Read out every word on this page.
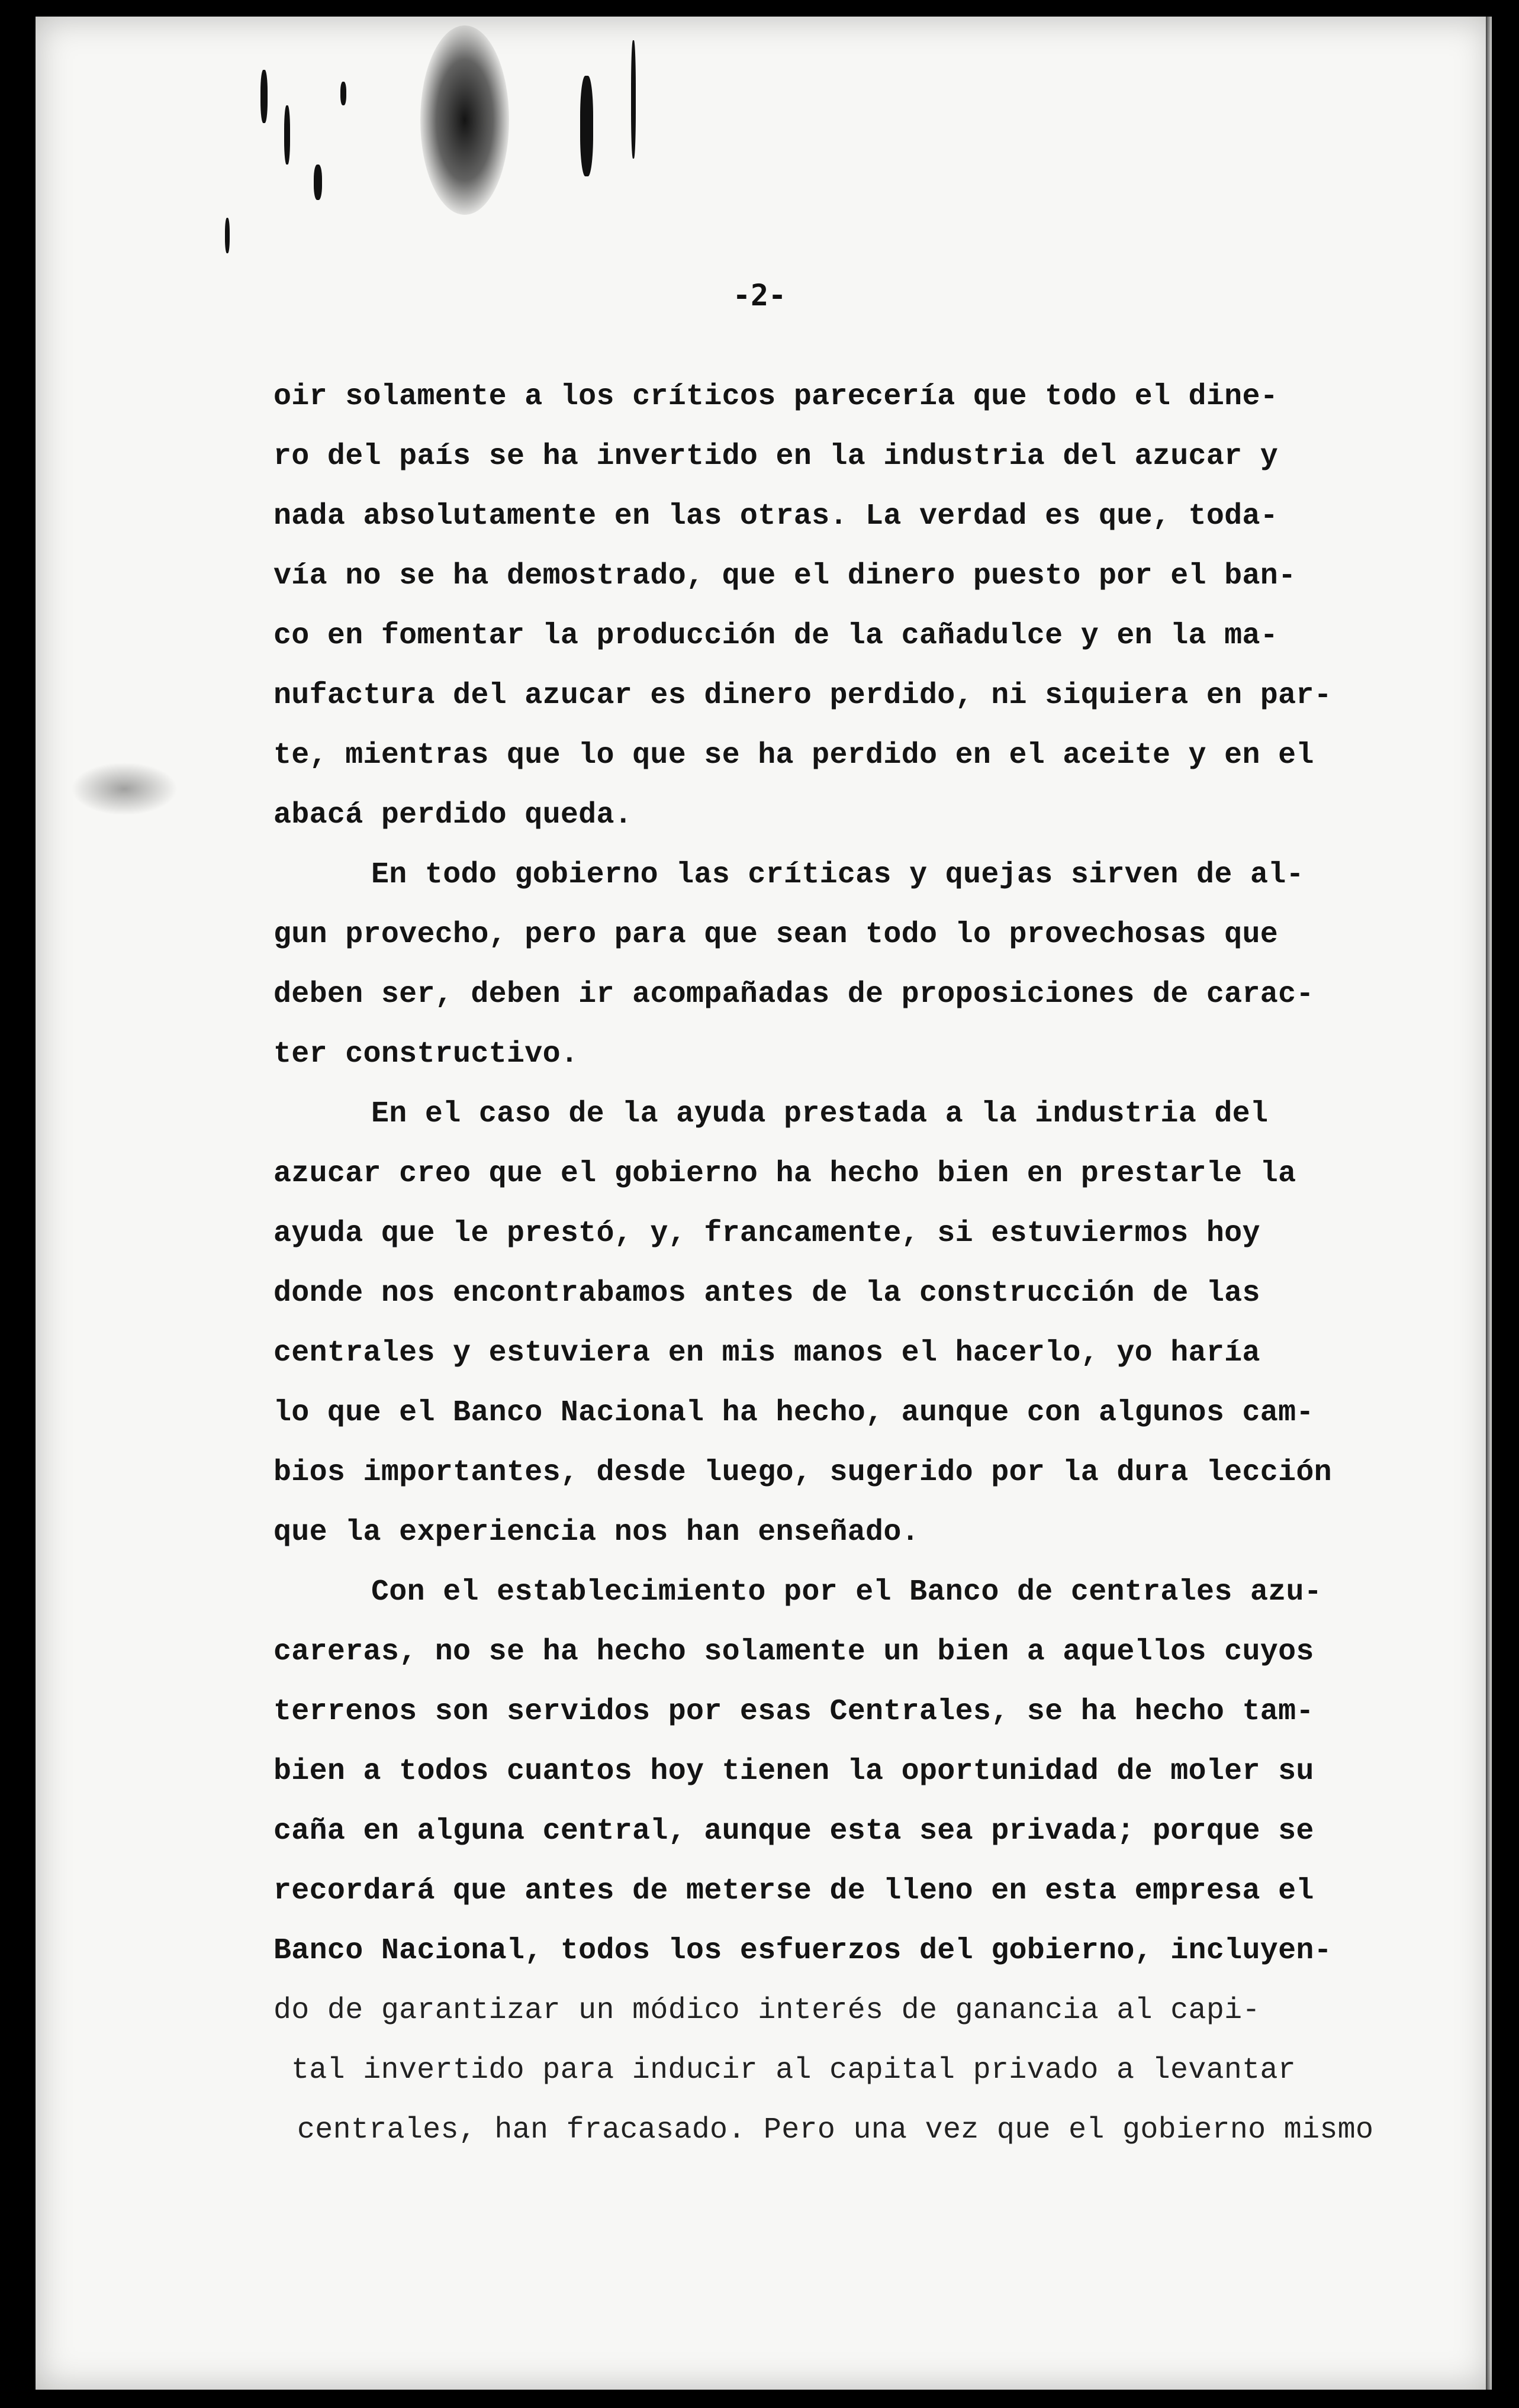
-2-

oir solamente a los críticos parecería que todo el dine-

ro del país se ha invertido en la industria del azucar y

nada absolutamente en las otras. La verdad es que, toda-

vía no se ha demostrado, que el dinero puesto por el ban-

co en fomentar la producción de la cañadulce y en la ma-

nufactura del azucar es dinero perdido, ni siquiera en par-

te, mientras que lo que se ha perdido en el aceite y en el

abacá perdido queda.

En todo gobierno las críticas y quejas sirven de al-

gun provecho, pero para que sean todo lo provechosas que

deben ser, deben ir acompañadas de proposiciones de carac-

ter constructivo.

En el caso de la ayuda prestada a la industria del

azucar creo que el gobierno ha hecho bien en prestarle la

ayuda que le prestó, y, francamente, si estuviermos hoy

donde nos encontrabamos antes de la construcción de las

centrales y estuviera en mis manos el hacerlo, yo haría

lo que el Banco Nacional ha hecho, aunque con algunos cam-

bios importantes, desde luego, sugerido por la dura lección

que la experiencia nos han enseñado.

Con el establecimiento por el Banco de centrales azu-

careras, no se ha hecho solamente un bien a aquellos cuyos

terrenos son servidos por esas Centrales, se ha hecho tam-

bien a todos cuantos hoy tienen la oportunidad de moler su

caña en alguna central, aunque esta sea privada; porque se

recordará que antes de meterse de lleno en esta empresa el

Banco Nacional, todos los esfuerzos del gobierno, incluyen-

do de garantizar un módico interés de ganancia al capi-

tal invertido para inducir al capital privado a levantar

centrales, han fracasado. Pero una vez que el gobierno mismo
